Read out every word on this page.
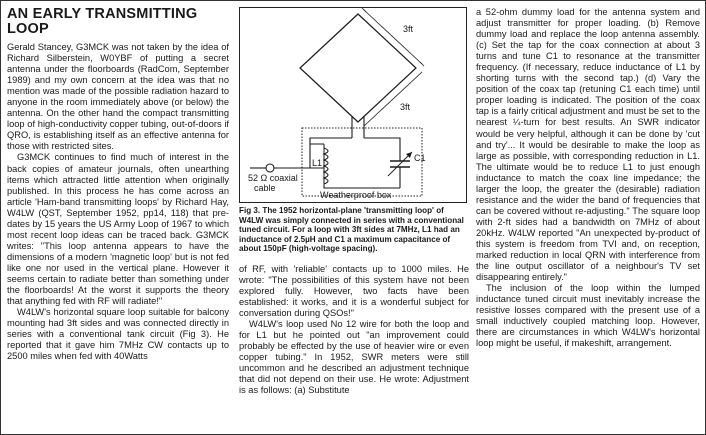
AN EARLY TRANSMITTING
LOOP

Gerald Stancey, G3MCK was not taken by the idea of Richard Silberstein, W0YBF of putting a secret antenna under the floorboards (RadCom, September 1989) and my own concern at the idea was that no mention was made of the possible radiation hazard to anyone in the room immediately above (or below) the antenna. On the other hand the compact transmitting loop of high-conductivity copper tubing, out-of-doors if QRO, is establishing itself as an effective antenna for those with restricted sites.

G3MCK continues to find much of interest in the back copies of amateur journals, often unearthing items which attracted little attention when originally published. In this process he has come across an article 'Ham-band transmitting loops' by Richard Hay, W4LW (QST, September 1952, pp14, 118) that pre-dates by 15 years the US Army Loop of 1967 to which most recent loop ideas can be traced back. G3MCK writes: "This loop antenna appears to have the dimensions of a modern 'magnetic loop' but is not fed like one nor used in the vertical plane. However it seems certain to radiate better than something under the floorboards! At the worst it supports the theory that anything fed with RF will radiate!"

W4LW's horizontal square loop suitable for balcony mounting had 3ft sides and was connected directly in series with a conventional tank circuit (Fig 3). He reported that it gave him 7MHz CW contacts up to 2500 miles when fed with 40Watts

3ft
3ft
L1	C1
52 Ω coaxial
cable
Weatherproof box
Fig 3. The 1952 horizontal-plane 'transmitting loop' of W4LW was simply connected in series with a conventional tuned circuit. For a loop with 3ft sides at 7MHz, L1 had an inductance of 2.5µH and C1 a maximum capacitance of about 150pF (high-voltage spacing).

of RF, with 'reliable' contacts up to 1000 miles. He wrote: "The possibilities of this system have not been explored fully. However, two facts have been established: it works, and it is a wonderful subject for conversation during QSOs!"

W4LW's loop used No 12 wire for both the loop and for L1 but he pointed out "an improvement could probably be effected by the use of heavier wire or even copper tubing." In 1952, SWR meters were still uncommon and he described an adjustment technique that did not depend on their use. He wrote: Adjustment is as follows: (a) Substitute

a 52-ohm dummy load for the antenna system and adjust transmitter for proper loading. (b) Remove dummy load and replace the loop antenna assembly. (c) Set the tap for the coax connection at about 3 turns and tune C1 to resonance at the transmitter frequency. (If necessary, reduce inductance of L1 by shorting turns with the second tap.) (d) Vary the position of the coax tap (retuning C1 each time) until proper loading is indicated. The position of the coax tap is a fairly critical adjustment and must be set to the nearest ¼-turn for best results. An SWR indicator would be very helpful, although it can be done by 'cut and try'... It would be desirable to make the loop as large as possible, with corresponding reduction in L1. The ultimate would be to reduce L1 to just enough inductance to match the coax line impedance; the larger the loop, the greater the (desirable) radiation resistance and the wider the band of frequencies that can be covered without re-adjusting." The square loop with 2-ft sides had a bandwidth on 7MHz of about 20kHz. W4LW reported "An unexpected by-product of this system is freedom from TVI and, on reception, marked reduction in local QRN with interference from the line output oscillator of a neighbour's TV set disappearing entirely."

The inclusion of the loop within the lumped inductance tuned circuit must inevitably increase the resistive losses compared with the present use of a small inductively coupled matching loop. However, there are circumstances in which W4LW's horizontal loop might be useful, if makeshift, arrangement.
